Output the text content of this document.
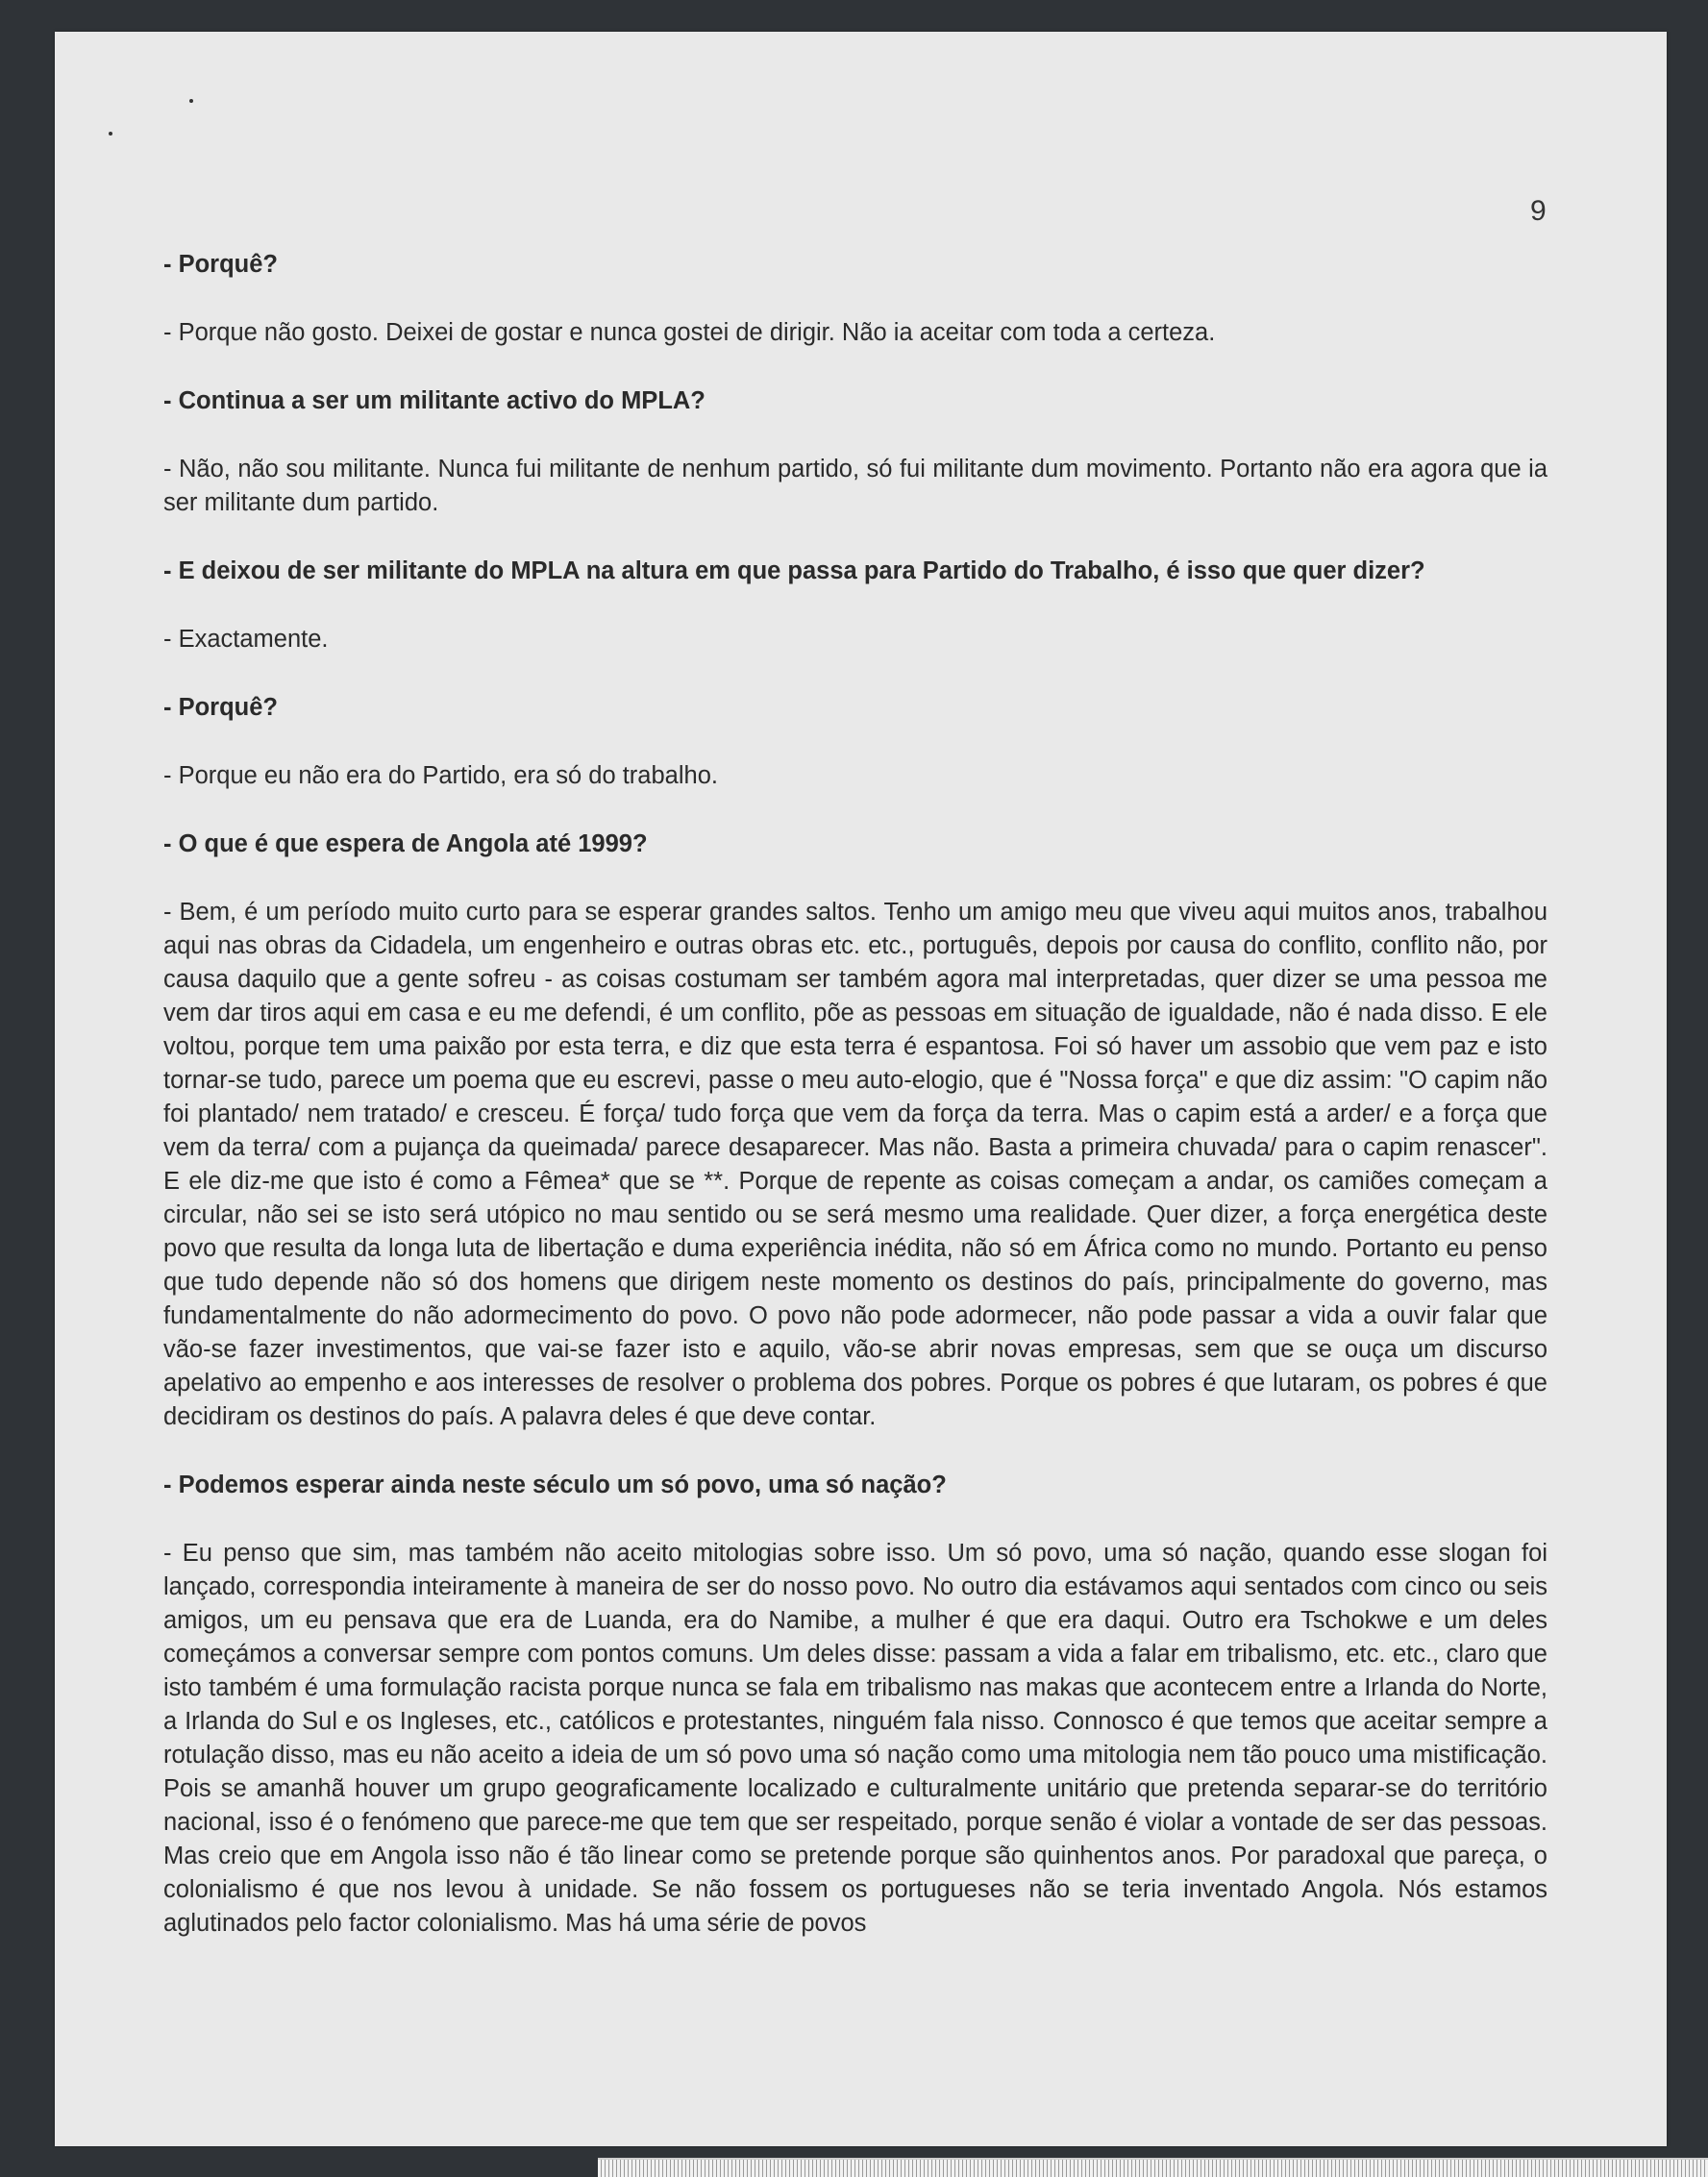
9

- Porquê?

- Porque não gosto. Deixei de gostar e nunca gostei de dirigir. Não ia aceitar com toda a certeza.

- Continua a ser um militante activo do MPLA?

- Não, não sou militante. Nunca fui militante de nenhum partido, só fui militante dum movimento. Portanto não era agora que ia ser militante dum partido.

- E deixou de ser militante do MPLA na altura em que passa para Partido do Trabalho, é isso que quer dizer?

- Exactamente.

- Porquê?

- Porque eu não era do Partido, era só do trabalho.

- O que é que espera de Angola até 1999?

- Bem, é um período muito curto para se esperar grandes saltos. Tenho um amigo meu que viveu aqui muitos anos, trabalhou aqui nas obras da Cidadela, um engenheiro e outras obras etc. etc., português, depois por causa do conflito, conflito não, por causa daquilo que a gente sofreu - as coisas costumam ser também agora mal interpretadas, quer dizer se uma pessoa me vem dar tiros aqui em casa e eu me defendi, é um conflito, põe as pessoas em situação de igualdade, não é nada disso. E ele voltou, porque tem uma paixão por esta terra, e diz que esta terra é espantosa. Foi só haver um assobio que vem paz e isto tornar-se tudo, parece um poema que eu escrevi, passe o meu auto-elogio, que é "Nossa força" e que diz assim: "O capim não foi plantado/ nem tratado/ e cresceu. É força/ tudo força que vem da força da terra. Mas o capim está a arder/ e a força que vem da terra/ com a pujança da queimada/ parece desaparecer. Mas não. Basta a primeira chuvada/ para o capim renascer". E ele diz-me que isto é como a Fêmea* que se **. Porque de repente as coisas começam a andar, os camiões começam a circular, não sei se isto será utópico no mau sentido ou se será mesmo uma realidade. Quer dizer, a força energética deste povo que resulta da longa luta de libertação e duma experiência inédita, não só em África como no mundo. Portanto eu penso que tudo depende não só dos homens que dirigem neste momento os destinos do país, principalmente do governo, mas fundamentalmente do não adormecimento do povo. O povo não pode adormecer, não pode passar a vida a ouvir falar que vão-se fazer investimentos, que vai-se fazer isto e aquilo, vão-se abrir novas empresas, sem que se ouça um discurso apelativo ao empenho e aos interesses de resolver o problema dos pobres. Porque os pobres é que lutaram, os pobres é que decidiram os destinos do país. A palavra deles é que deve contar.

- Podemos esperar ainda neste século um só povo, uma só nação?

- Eu penso que sim, mas também não aceito mitologias sobre isso. Um só povo, uma só nação, quando esse slogan foi lançado, correspondia inteiramente à maneira de ser do nosso povo. No outro dia estávamos aqui sentados com cinco ou seis amigos, um eu pensava que era de Luanda, era do Namibe, a mulher é que era daqui. Outro era Tschokwe e um deles começámos a conversar sempre com pontos comuns. Um deles disse: passam a vida a falar em tribalismo, etc. etc., claro que isto também é uma formulação racista porque nunca se fala em tribalismo nas makas que acontecem entre a Irlanda do Norte, a Irlanda do Sul e os Ingleses, etc., católicos e protestantes, ninguém fala nisso. Connosco é que temos que aceitar sempre a rotulação disso, mas eu não aceito a ideia de um só povo uma só nação como uma mitologia nem tão pouco uma mistificação. Pois se amanhã houver um grupo geograficamente localizado e culturalmente unitário que pretenda separar-se do território nacional, isso é o fenómeno que parece-me que tem que ser respeitado, porque senão é violar a vontade de ser das pessoas. Mas creio que em Angola isso não é tão linear como se pretende porque são quinhentos anos. Por paradoxal que pareça, o colonialismo é que nos levou à unidade. Se não fossem os portugueses não se teria inventado Angola. Nós estamos aglutinados pelo factor colonialismo. Mas há uma série de povos
